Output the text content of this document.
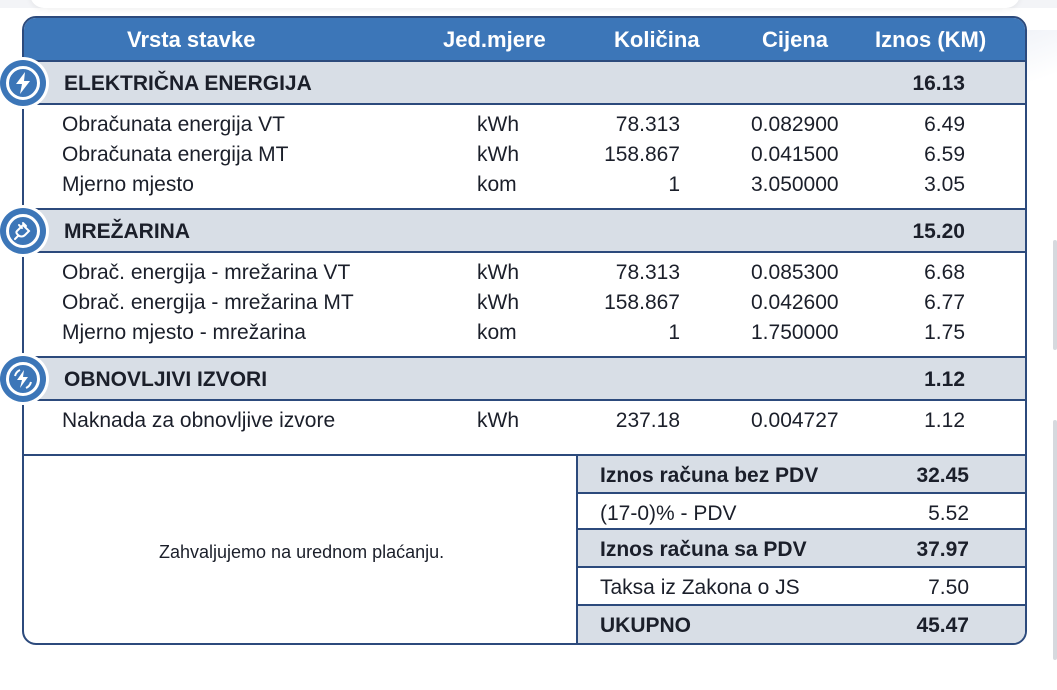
Vrsta stavke	Jed.mjere	Količina	Cijena Iznos (KM)
ELEKTRIČNA ENERGIJA	16.13
Obračunata energija VT	kWh	78.313	0.082900	6.49
Obračunata energija MT	kWh	158.867	0.041500	6.59
Mjerno mjesto	kom	1	3.050000	3.05
MREŽARINA	15.20
Obrač. energija - mrežarina VT	kWh	78.313	0.085300	6.68
Obrač. energija - mrežarina MT	kWh	158.867	0.042600	6.77
Mjerno mjesto - mrežarina	kom	1	1.750000	1.75
OBNOVLJIVI IZVORI	1.12
Naknada za obnovljive izvore	kWh	237.18	0.004727	1.12
Zahvaljujemo na urednom plaćanju.
Iznos računa bez PDV	32.45
(17-0)% - PDV	5.52
Iznos računa sa PDV	37.97
Taksa iz Zakona o JS	7.50
UKUPNO	45.47
